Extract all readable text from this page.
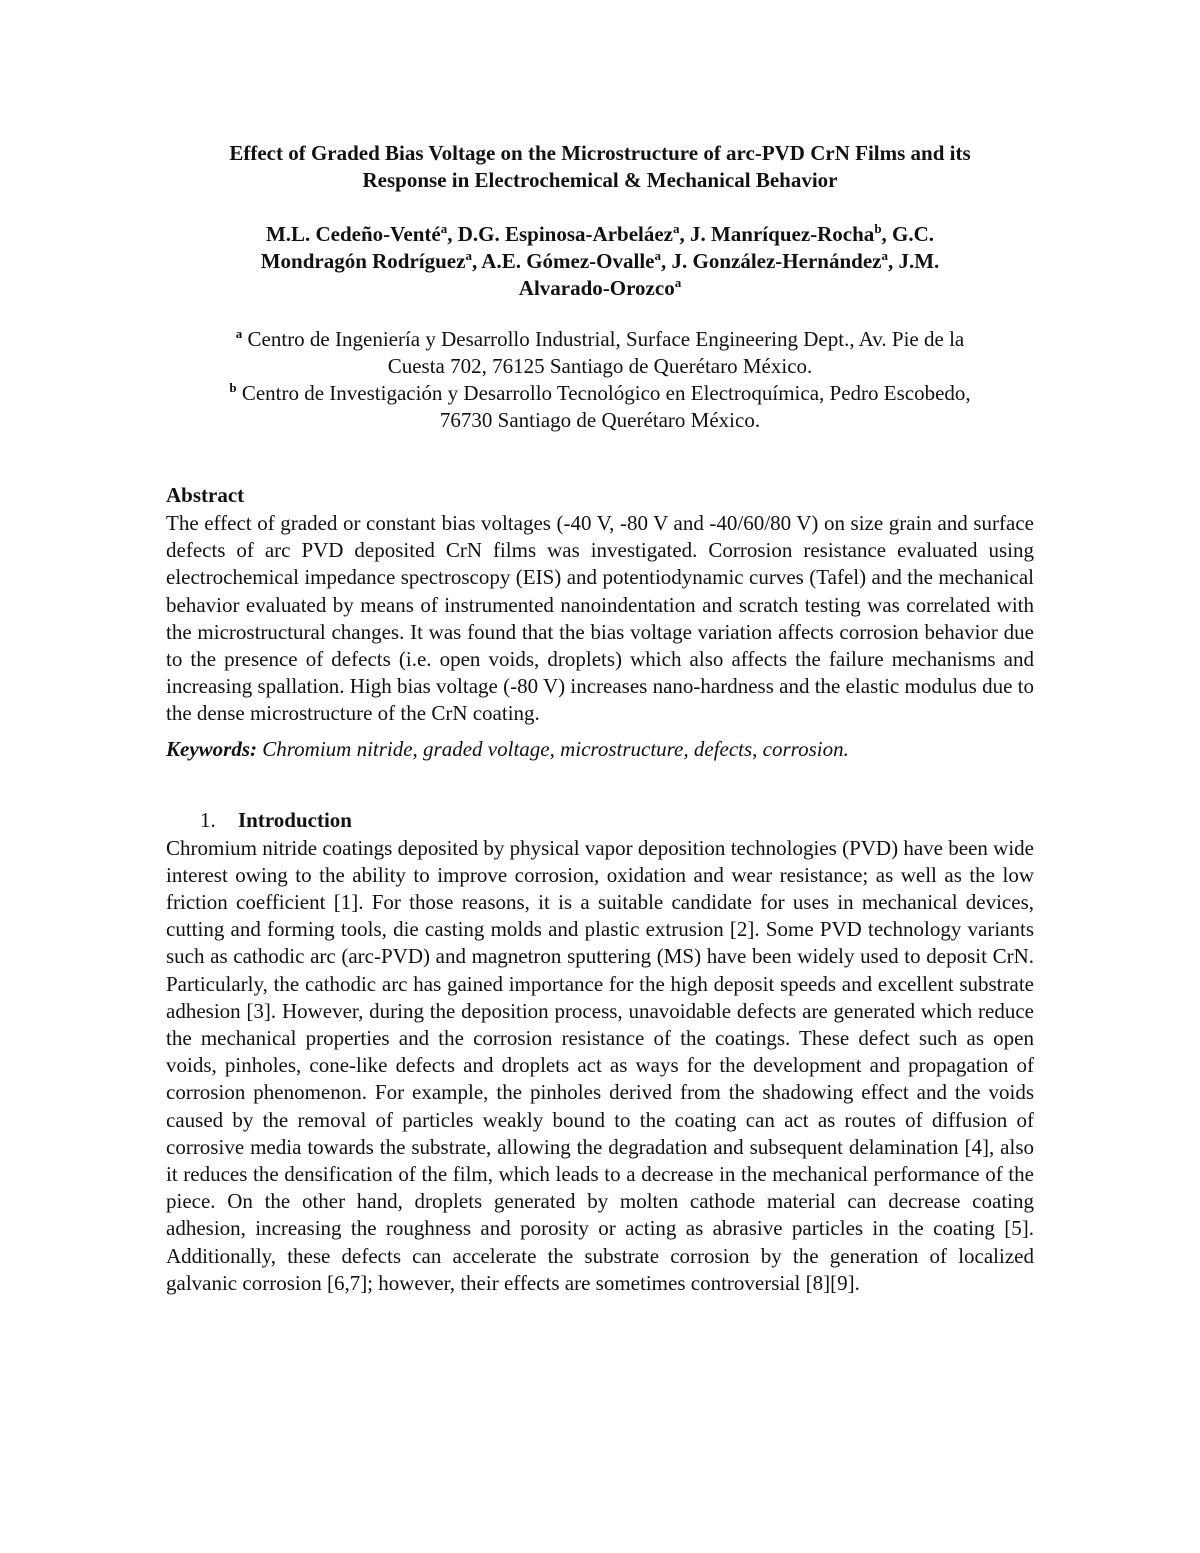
Effect of Graded Bias Voltage on the Microstructure of arc-PVD CrN Films and its
Response in Electrochemical & Mechanical Behavior
M.L. Cedeño-Venté$^a$, D.G. Espinosa-Arbeláez$^a$, J. Manríquez-Rocha$^b$, G.C.
Mondragón Rodríguez$^a$, A.E. Gómez-Ovalle$^a$, J. González-Hernández$^a$, J.M.
Alvarado-Orozco$^a$
$^a$ Centro de Ingeniería y Desarrollo Industrial, Surface Engineering Dept., Av. Pie de la
Cuesta 702, 76125 Santiago de Querétaro México.
$^b$ Centro de Investigación y Desarrollo Tecnológico en Electroquímica, Pedro Escobedo,
76730 Santiago de Querétaro México.
Abstract

The effect of graded or constant bias voltages (-40 V, -80 V and -40/60/80 V) on size grain and surface defects of arc PVD deposited CrN films was investigated. Corrosion resistance evaluated using electrochemical impedance spectroscopy (EIS) and potentiodynamic curves (Tafel) and the mechanical behavior evaluated by means of instrumented nanoindentation and scratch testing was correlated with the microstructural changes. It was found that the bias voltage variation affects corrosion behavior due to the presence of defects (i.e. open voids, droplets) which also affects the failure mechanisms and increasing spallation. High bias voltage (-80 V) increases nano-hardness and the elastic modulus due to the dense microstructure of the CrN coating.

Keywords: Chromium nitride, graded voltage, microstructure, defects, corrosion.

1. Introduction

Chromium nitride coatings deposited by physical vapor deposition technologies (PVD) have been wide interest owing to the ability to improve corrosion, oxidation and wear resistance; as well as the low friction coefficient [1]. For those reasons, it is a suitable candidate for uses in mechanical devices, cutting and forming tools, die casting molds and plastic extrusion [2]. Some PVD technology variants such as cathodic arc (arc-PVD) and magnetron sputtering (MS) have been widely used to deposit CrN. Particularly, the cathodic arc has gained importance for the high deposit speeds and excellent substrate adhesion [3]. However, during the deposition process, unavoidable defects are generated which reduce the mechanical properties and the corrosion resistance of the coatings. These defect such as open voids, pinholes, cone-like defects and droplets act as ways for the development and propagation of corrosion phenomenon. For example, the pinholes derived from the shadowing effect and the voids caused by the removal of particles weakly bound to the coating can act as routes of diffusion of corrosive media towards the substrate, allowing the degradation and subsequent delamination [4], also it reduces the densification of the film, which leads to a decrease in the mechanical performance of the piece. On the other hand, droplets generated by molten cathode material can decrease coating adhesion, increasing the roughness and porosity or acting as abrasive particles in the coating [5]. Additionally, these defects can accelerate the substrate corrosion by the generation of localized galvanic corrosion [6,7]; however, their effects are sometimes controversial [8][9].
